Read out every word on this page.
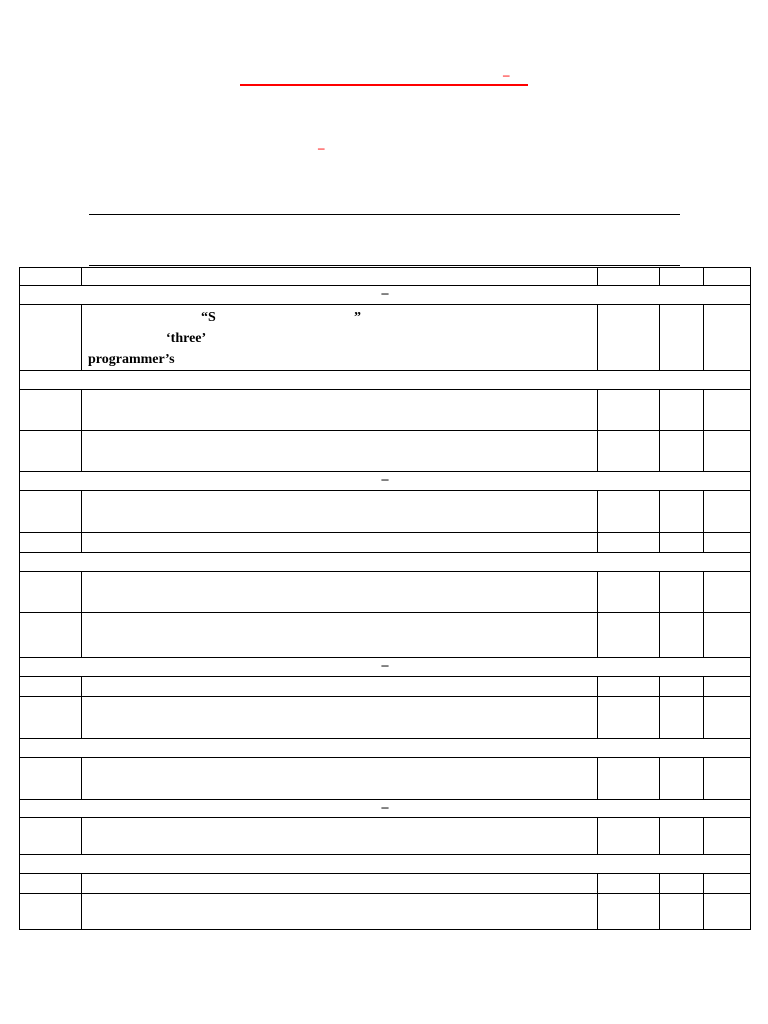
–
–

–				

	“S ”
‘three’
programmer’s			

–				

–				

–				
